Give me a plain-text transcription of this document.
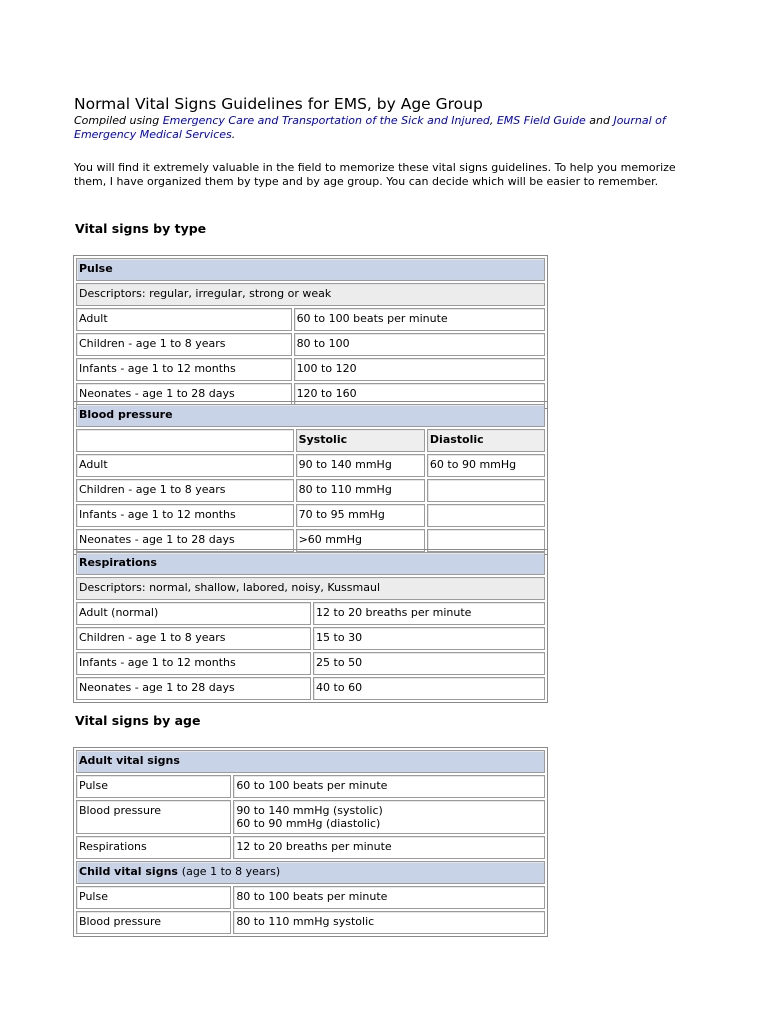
Normal Vital Signs Guidelines for EMS, by Age Group

Compiled using Emergency Care and Transportation of the Sick and Injured, EMS Field Guide and Journal of Emergency Medical Services.

You will find it extremely valuable in the field to memorize these vital signs guidelines. To help you memorize them, I have organized them by type and by age group. You can decide which will be easier to remember.

Vital signs by type
Pulse	
Descriptors: regular, irregular, strong or weak	
Adult	60 to 100 beats per minute
Children - age 1 to 8 years	80 to 100
Infants - age 1 to 12 months	100 to 120
Neonates - age 1 to 28 days	120 to 160
Blood pressure		
	Systolic	Diastolic
Adult	90 to 140 mmHg	60 to 90 mmHg
Children - age 1 to 8 years	80 to 110 mmHg	
Infants - age 1 to 12 months	70 to 95 mmHg	
Neonates - age 1 to 28 days	>60 mmHg	
Respirations	
Descriptors: normal, shallow, labored, noisy, Kussmaul	
Adult (normal)	12 to 20 breaths per minute
Children - age 1 to 8 years	15 to 30
Infants - age 1 to 12 months	25 to 50
Neonates - age 1 to 28 days	40 to 60
Vital signs by age
Adult vital signs	
Pulse	60 to 100 beats per minute
Blood pressure	90 to 140 mmHg (systolic)
60 to 90 mmHg (diastolic)
Respirations	12 to 20 breaths per minute
Child vital signs (age 1 to 8 years)	
Pulse	80 to 100 beats per minute
Blood pressure	80 to 110 mmHg systolic
